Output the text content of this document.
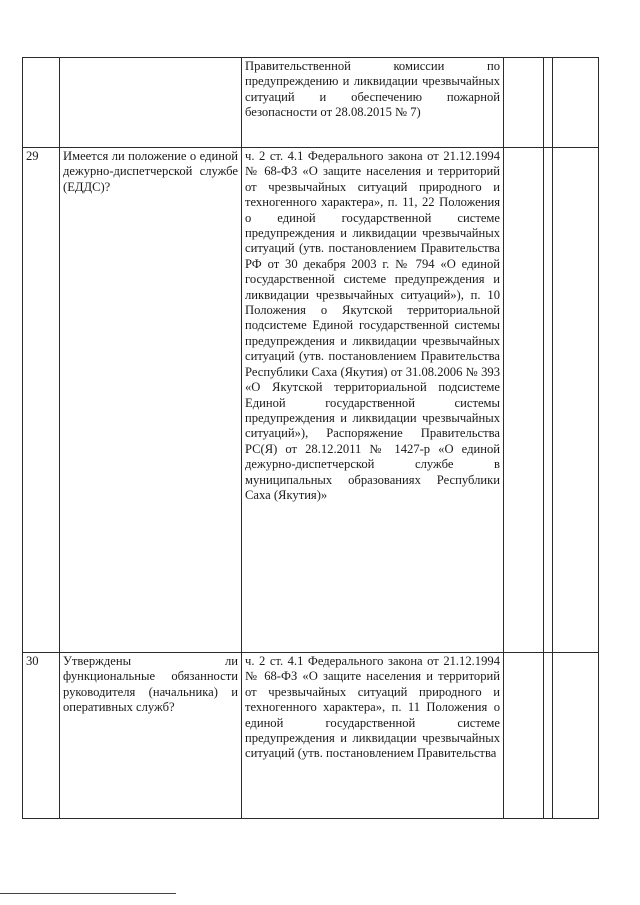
		Правительственной комиссии по предупреждению и ликвидации чрезвычайных ситуаций и обеспечению пожарной безопасности от 28.08.2015 № 7)			
29	Имеется ли положение о единой дежурно-диспетчерской службе (ЕДДС)?	ч. 2 ст. 4.1 Федерального закона от 21.12.1994 № 68-ФЗ «О защите населения и территорий от чрезвычайных ситуаций природного и техногенного характера», п. 11, 22 Положения о единой государственной системе предупреждения и ликвидации чрезвычайных ситуаций (утв. постановлением Правительства РФ от 30 декабря 2003 г. № 794 «О единой государственной системе предупреждения и ликвидации чрезвычайных ситуаций»), п. 10 Положения о Якутской территориальной подсистеме Единой государственной системы предупреждения и ликвидации чрезвычайных ситуаций (утв. постановлением Правительства Республики Саха (Якутия) от 31.08.2006 № 393 «О Якутской территориальной подсистеме Единой государственной системы предупреждения и ликвидации чрезвычайных ситуаций»), Распоряжение Правительства РС(Я) от 28.12.2011 № 1427-р «О единой дежурно-диспетчерской службе в муниципальных образованиях Республики Саха (Якутия)»			
30	Утверждены ли функциональные обязанности руководителя (начальника) и оперативных служб?	ч. 2 ст. 4.1 Федерального закона от 21.12.1994 № 68-ФЗ «О защите населения и территорий от чрезвычайных ситуаций природного и техногенного характера», п. 11 Положения о единой государственной системе предупреждения и ликвидации чрезвычайных ситуаций (утв. постановлением Правительства			
